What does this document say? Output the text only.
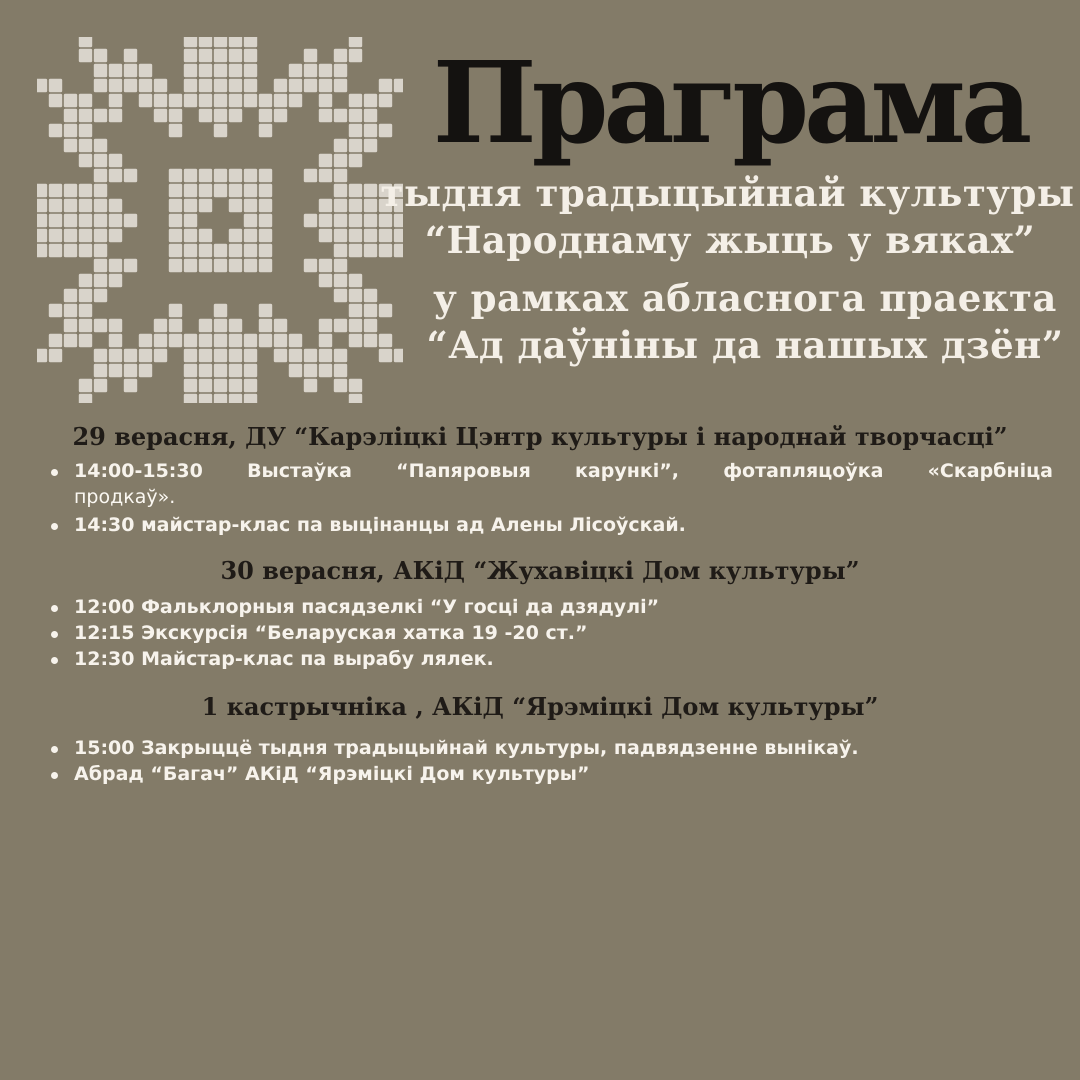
Праграма

тыдня традыцыйнай культуры

“Народнаму жыць у вяках”

у рамках абласнога праекта

“Ад даўніны да нашых дзён”

29 верасня, ДУ “Карэліцкі Цэнтр культуры і народнай творчасці”
14:00-15:30 Выстаўка “Папяровыя карункі”, фотапляцоўка «Скарбніца
продкаў».
14:30 майстар-клас па выцінанцы ад Алены Лісоўскай.
30 верасня, АКіД “Жухавіцкі Дом культуры”
12:00 Фальклорныя пасядзелкі “У госці да дзядулі”
12:15 Экскурсія “Беларуская хатка 19 -20 ст.”
12:30 Майстар-клас па вырабу лялек.
1 кастрычніка , АКіД “Ярэміцкі Дом культуры”
15:00 Закрыццё тыдня традыцыйнай культуры, падвядзенне вынікаў.
Абрад “Багач” АКіД “Ярэміцкі Дом культуры”
